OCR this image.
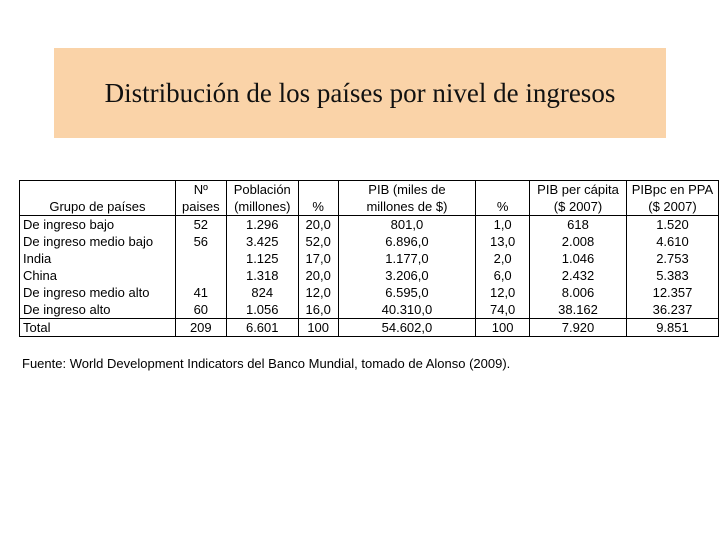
Distribución de los países por nivel de ingresos
	Nº	Población		PIB (miles de		PIB per cápita	PIBpc en PPA
Grupo de países	paises	(millones)	%	millones de $)	%	($ 2007)	($ 2007)
De ingreso bajo	52	1.296	20,0	801,0	1,0	618	1.520
De ingreso medio bajo	56	3.425	52,0	6.896,0	13,0	2.008	4.610
India		1.125	17,0	1.177,0	2,0	1.046	2.753
China		1.318	20,0	3.206,0	6,0	2.432	5.383
De ingreso medio alto	41	824	12,0	6.595,0	12,0	8.006	12.357
De ingreso alto	60	1.056	16,0	40.310,0	74,0	38.162	36.237
Total	209	6.601	100	54.602,0	100	7.920	9.851
Fuente: World Development Indicators del Banco Mundial, tomado de Alonso (2009).
